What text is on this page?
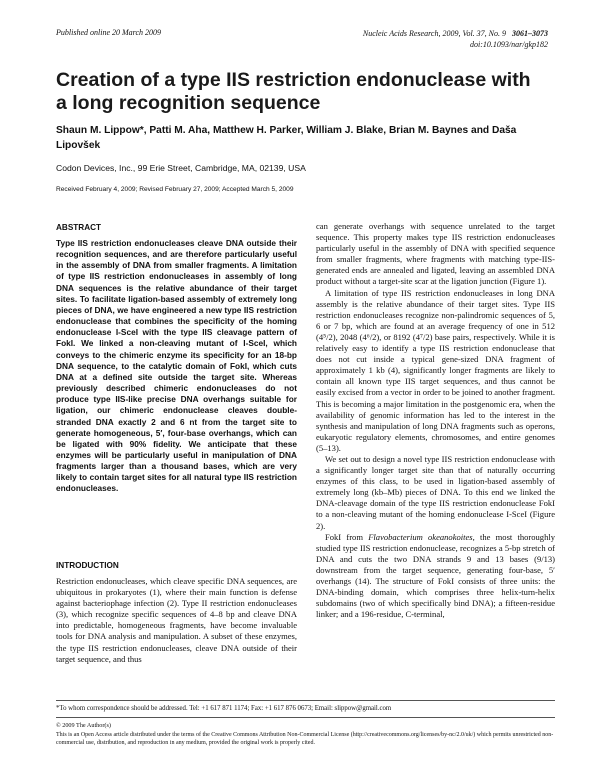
Published online 20 March 2009	Nucleic Acids Research, 2009, Vol. 37, No. 9 3061–3073
doi:10.1093/nar/gkp182
Creation of a type IIS restriction endonuclease with a long recognition sequence
Shaun M. Lippow*, Patti M. Aha, Matthew H. Parker, William J. Blake, Brian M. Baynes and Daša Lipovšek
Codon Devices, Inc., 99 Erie Street, Cambridge, MA, 02139, USA
Received February 4, 2009; Revised February 27, 2009; Accepted March 5, 2009
ABSTRACT
Type IIS restriction endonucleases cleave DNA outside their recognition sequences, and are therefore particularly useful in the assembly of DNA from smaller fragments. A limitation of type IIS restriction endonucleases in assembly of long DNA sequences is the relative abundance of their target sites. To facilitate ligation-based assembly of extremely long pieces of DNA, we have engineered a new type IIS restriction endonuclease that combines the specificity of the homing endonuclease I-SceI with the type IIS cleavage pattern of FokI. We linked a non-cleaving mutant of I-SceI, which conveys to the chimeric enzyme its specificity for an 18-bp DNA sequence, to the catalytic domain of FokI, which cuts DNA at a defined site outside the target site. Whereas previously described chimeric endonucleases do not produce type IIS-like precise DNA overhangs suitable for ligation, our chimeric endonuclease cleaves double-stranded DNA exactly 2 and 6 nt from the target site to generate homogeneous, 5′, four-base overhangs, which can be ligated with 90% fidelity. We anticipate that these enzymes will be particularly useful in manipulation of DNA fragments larger than a thousand bases, which are very likely to contain target sites for all natural type IIS restriction endonucleases.
INTRODUCTION
Restriction endonucleases, which cleave specific DNA sequences, are ubiquitous in prokaryotes (1), where their main function is defense against bacteriophage infection (2). Type II restriction endonucleases (3), which recognize specific sequences of 4–8 bp and cleave DNA into predictable, homogeneous fragments, have become invaluable tools for DNA analysis and manipulation. A subset of these enzymes, the type IIS restriction endonucleases, cleave DNA outside of their target sequence, and thus

can generate overhangs with sequence unrelated to the target sequence. This property makes type IIS restriction endonucleases particularly useful in the assembly of DNA with specified sequence from smaller fragments, where fragments with matching type-IIS-generated ends are annealed and ligated, leaving an assembled DNA product without a target-site scar at the ligation junction (Figure 1).

A limitation of type IIS restriction endonucleases in long DNA assembly is the relative abundance of their target sites. Type IIS restriction endonucleases recognize non-palindromic sequences of 5, 6 or 7 bp, which are found at an average frequency of one in 512 (4⁵/2), 2048 (4⁶/2), or 8192 (4⁷/2) base pairs, respectively. While it is relatively easy to identify a type IIS restriction endonuclease that does not cut inside a typical gene-sized DNA fragment of approximately 1 kb (4), significantly longer fragments are likely to contain all known type IIS target sequences, and thus cannot be easily excised from a vector in order to be joined to another fragment. This is becoming a major limitation in the postgenomic era, when the availability of genomic information has led to the interest in the synthesis and manipulation of long DNA fragments such as operons, eukaryotic regulatory elements, chromosomes, and entire genomes (5–13).

We set out to design a novel type IIS restriction endonuclease with a significantly longer target site than that of naturally occurring enzymes of this class, to be used in ligation-based assembly of extremely long (kb–Mb) pieces of DNA. To this end we linked the DNA-cleavage domain of the type IIS restriction endonuclease FokI to a non-cleaving mutant of the homing endonuclease I-SceI (Figure 2).

FokI from Flavobacterium okeanokoites, the most thoroughly studied type IIS restriction endonuclease, recognizes a 5-bp stretch of DNA and cuts the two DNA strands 9 and 13 bases (9/13) downstream from the target sequence, generating four-base, 5′ overhangs (14). The structure of FokI consists of three units: the DNA-binding domain, which comprises three helix-turn-helix subdomains (two of which specifically bind DNA); a fifteen-residue linker; and a 196-residue, C-terminal,

*To whom correspondence should be addressed. Tel: +1 617 871 1174; Fax: +1 617 876 0673; Email: slippow@gmail.com
© 2009 The Author(s)
This is an Open Access article distributed under the terms of the Creative Commons Attribution Non-Commercial License (http://creativecommons.org/licenses/by-nc/2.0/uk/) which permits unrestricted non-commercial use, distribution, and reproduction in any medium, provided the original work is properly cited.
